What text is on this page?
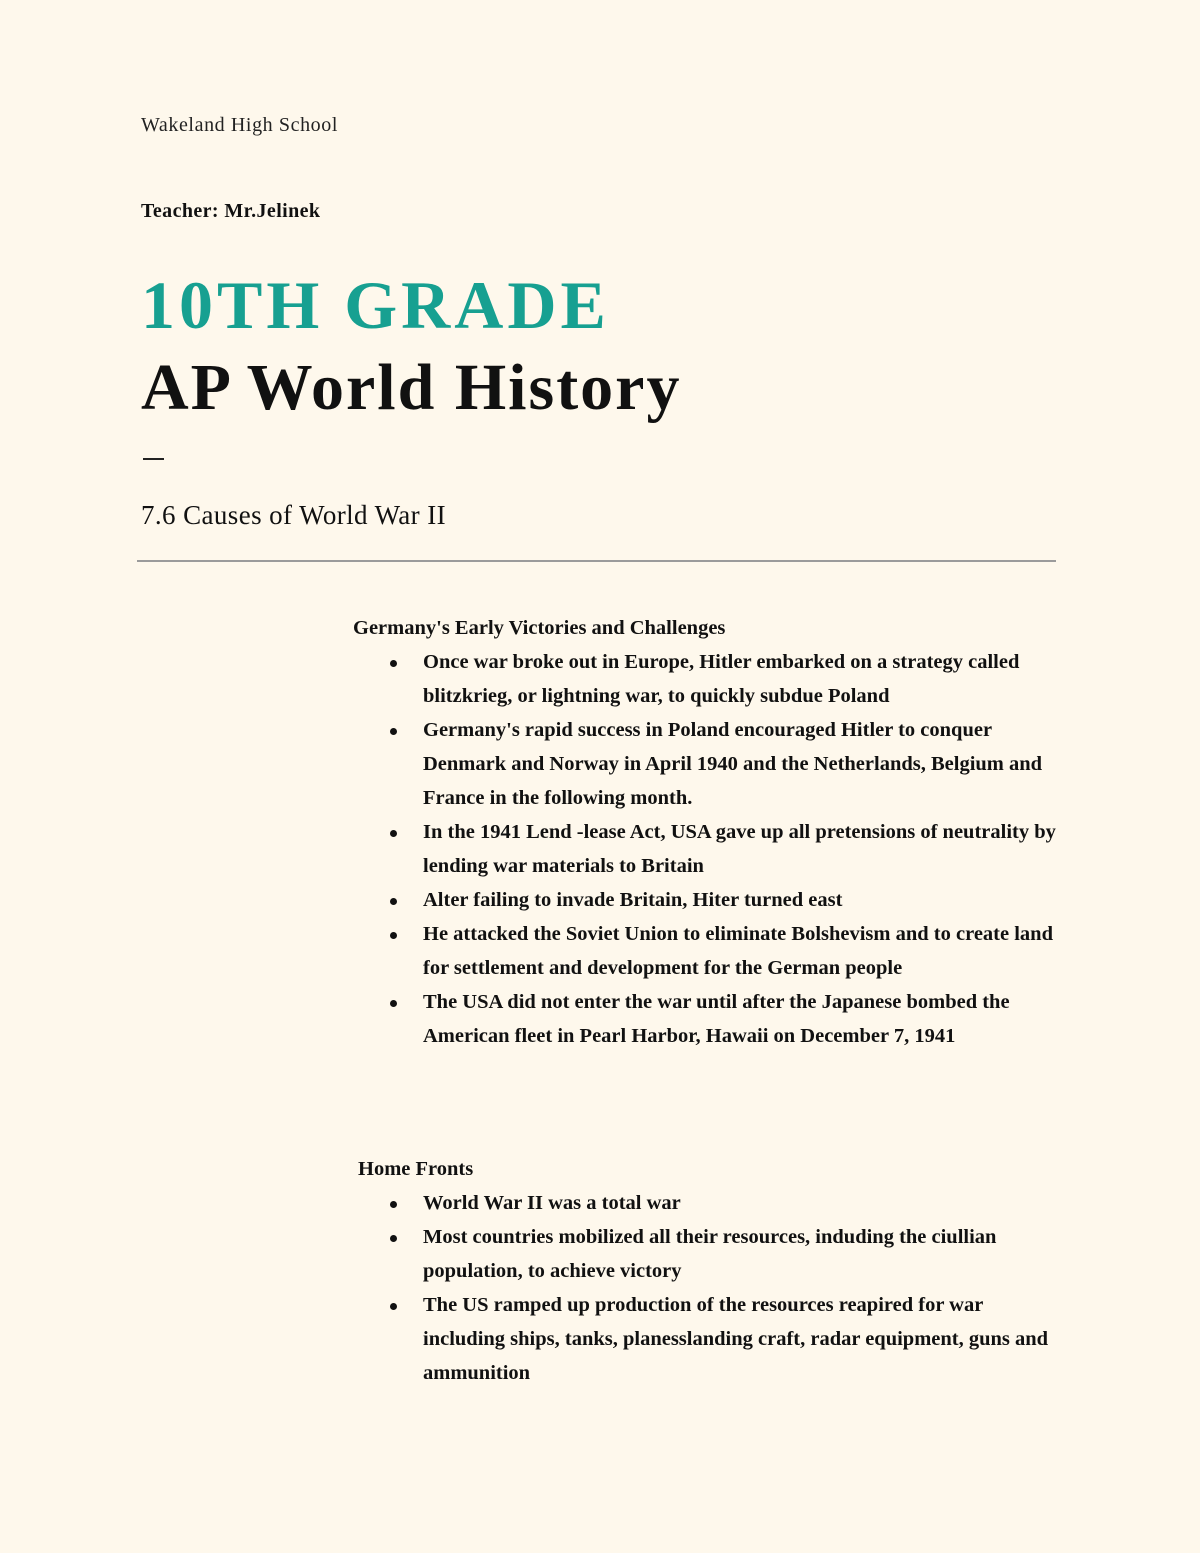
Wakeland High School
Teacher: Mr.Jelinek
10TH GRADE
AP World History
7.6 Causes of World War II
Germany's Early Victories and Challenges
Once war broke out in Europe, Hitler embarked on a strategy called blitzkrieg, or lightning war, to quickly subdue Poland
Germany's rapid success in Poland encouraged Hitler to conquer Denmark and Norway in April 1940 and the Netherlands, Belgium and France in the following month.
In the 1941 Lend -lease Act, USA gave up all pretensions of neutrality by lending war materials to Britain
Alter failing to invade Britain, Hiter turned east
He attacked the Soviet Union to eliminate Bolshevism and to create land for settlement and development for the German people
The USA did not enter the war until after the Japanese bombed the American fleet in Pearl Harbor, Hawaii on December 7, 1941
Home Fronts
World War II was a total war
Most countries mobilized all their resources, induding the ciullian population, to achieve victory
The US ramped up production of the resources reapired for war including ships, tanks, planesslanding craft, radar equipment, guns and ammunition
